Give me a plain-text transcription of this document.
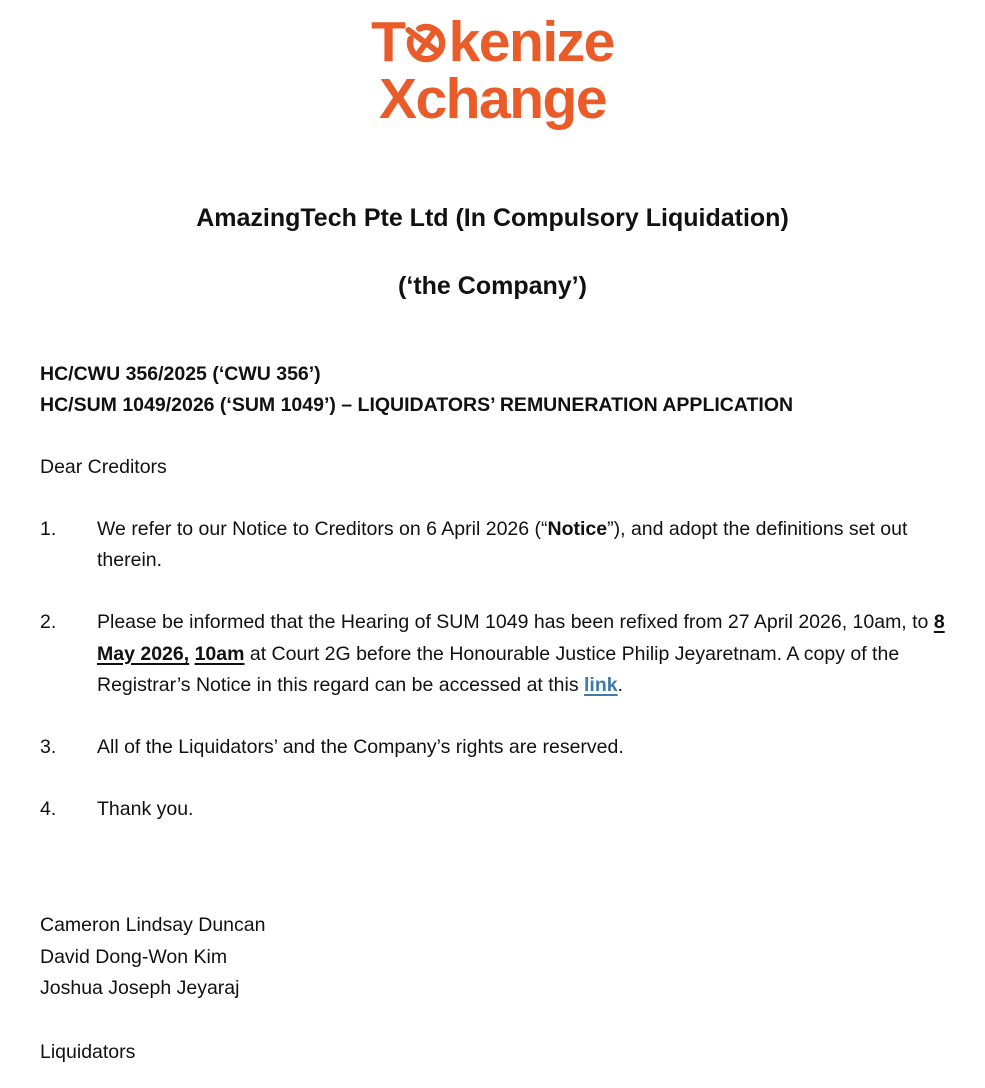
T kenize
Xchange
AmazingTech Pte Ltd (In Compulsory Liquidation)
(‘the Company’)
HC/CWU 356/2025 (‘CWU 356’)
HC/SUM 1049/2026 (‘SUM 1049’) – LIQUIDATORS’ REMUNERATION APPLICATION
Dear Creditors
1.	We refer to our Notice to Creditors on 6 April 2026 (“Notice”), and adopt the definitions set out therein.
2.	Please be informed that the Hearing of SUM 1049 has been refixed from 27 April 2026, 10am, to 8 May 2026, 10am at Court 2G before the Honourable Justice Philip Jeyaretnam. A copy of the Registrar’s Notice in this regard can be accessed at this link.
3.	All of the Liquidators’ and the Company’s rights are reserved.
4.	Thank you.
Cameron Lindsay Duncan
David Dong-Won Kim
Joshua Joseph Jeyaraj
Liquidators
